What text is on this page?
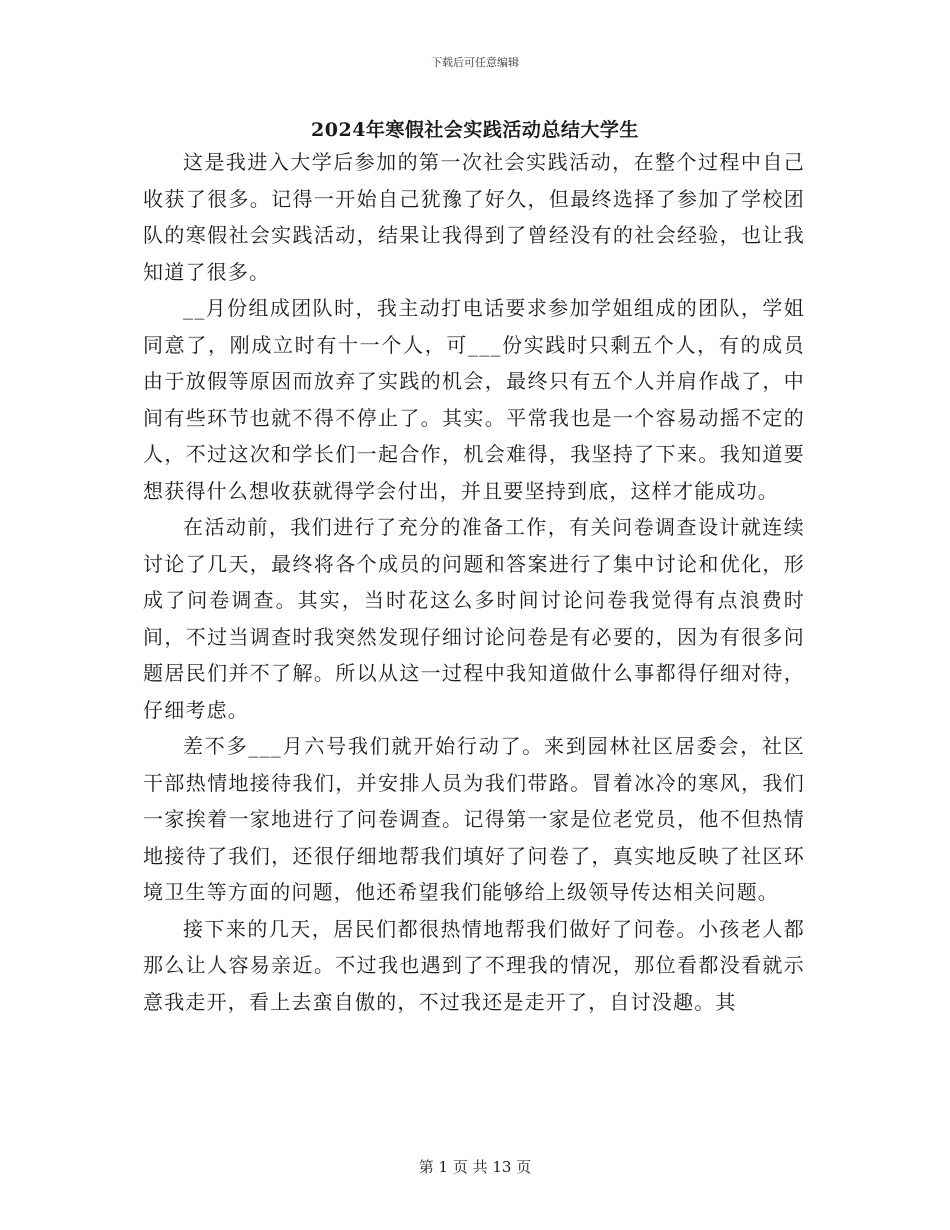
下载后可任意编辑
2024年寒假社会实践活动总结大学生

这是我进入大学后参加的第一次社会实践活动，在整个过程中自己收获了很多。记得一开始自己犹豫了好久，但最终选择了参加了学校团队的寒假社会实践活动，结果让我得到了曾经没有的社会经验，也让我知道了很多。

__月份组成团队时，我主动打电话要求参加学姐组成的团队，学姐同意了，刚成立时有十一个人，可___份实践时只剩五个人，有的成员由于放假等原因而放弃了实践的机会，最终只有五个人并肩作战了，中间有些环节也就不得不停止了。其实。平常我也是一个容易动摇不定的人，不过这次和学长们一起合作，机会难得，我坚持了下来。我知道要想获得什么想收获就得学会付出，并且要坚持到底，这样才能成功。

在活动前，我们进行了充分的准备工作，有关问卷调查设计就连续讨论了几天，最终将各个成员的问题和答案进行了集中讨论和优化，形成了问卷调查。其实，当时花这么多时间讨论问卷我觉得有点浪费时间，不过当调查时我突然发现仔细讨论问卷是有必要的，因为有很多问题居民们并不了解。所以从这一过程中我知道做什么事都得仔细对待，仔细考虑。

差不多___月六号我们就开始行动了。来到园林社区居委会，社区干部热情地接待我们，并安排人员为我们带路。冒着冰冷的寒风，我们一家挨着一家地进行了问卷调查。记得第一家是位老党员，他不但热情地接待了我们，还很仔细地帮我们填好了问卷了，真实地反映了社区环境卫生等方面的问题，他还希望我们能够给上级领导传达相关问题。

接下来的几天，居民们都很热情地帮我们做好了问卷。小孩老人都那么让人容易亲近。不过我也遇到了不理我的情况，那位看都没看就示意我走开，看上去蛮自傲的，不过我还是走开了，自讨没趣。其

第 1 页 共 13 页
